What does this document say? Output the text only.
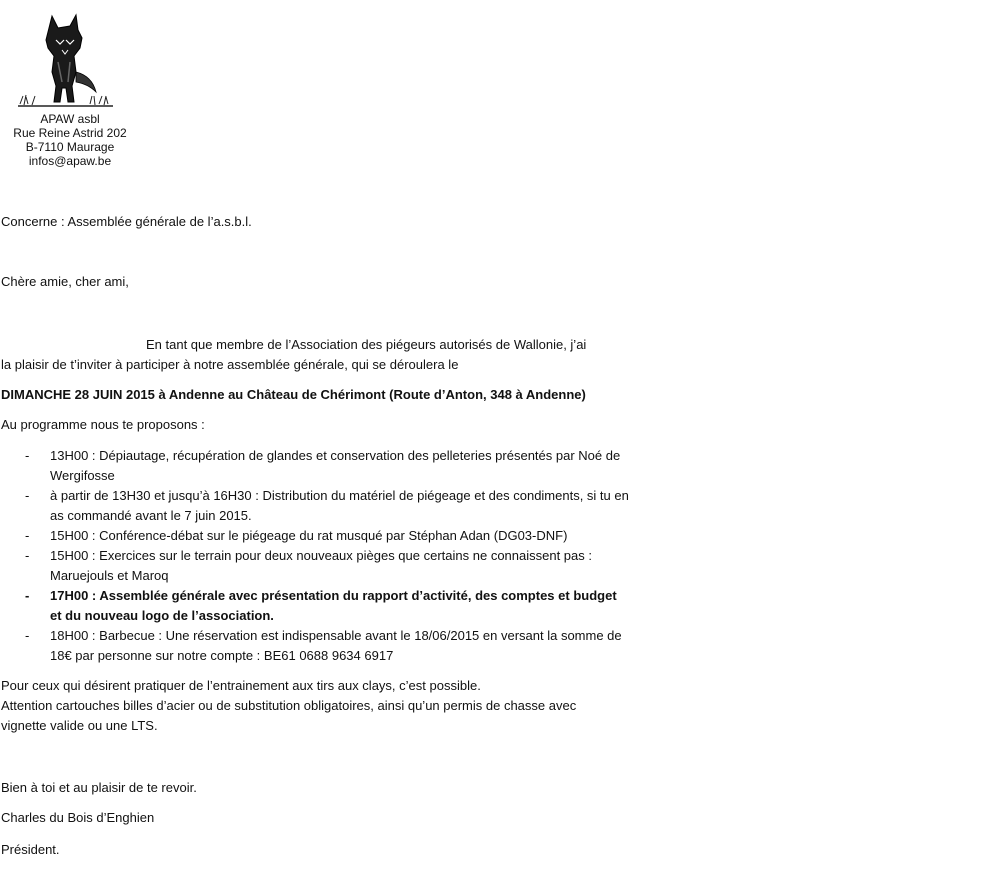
APAW asbl
Rue Reine Astrid 202
B-7110 Maurage
infos@apaw.be
Concerne : Assemblée générale de l’a.s.b.l.
Chère amie, cher ami,
En tant que membre de l’Association des piégeurs autorisés de Wallonie, j’ai
la plaisir de t’inviter à participer à notre assemblée générale, qui se déroulera le
DIMANCHE 28 JUIN 2015 à Andenne au Château de Chérimont (Route d’Anton, 348 à Andenne)
Au programme nous te proposons :
- 13H00 : Dépiautage, récupération de glandes et conservation des pelleteries présentés par Noé de Wergifosse
- à partir de 13H30 et jusqu’à 16H30 : Distribution du matériel de piégeage et des condiments, si tu en as commandé avant le 7 juin 2015.
- 15H00 : Conférence-débat sur le piégeage du rat musqué par Stéphan Adan (DG03-DNF)
- 15H00 : Exercices sur le terrain pour deux nouveaux pièges que certains ne connaissent pas : Maruejouls et Maroq
- 17H00 : Assemblée générale avec présentation du rapport d’activité, des comptes et budget et du nouveau logo de l’association.
- 18H00 : Barbecue : Une réservation est indispensable avant le 18/06/2015 en versant la somme de 18€ par personne sur notre compte : BE61 0688 9634 6917
Pour ceux qui désirent pratiquer de l’entrainement aux tirs aux clays, c’est possible.
Attention cartouches billes d’acier ou de substitution obligatoires, ainsi qu’un permis de chasse avec
vignette valide ou une LTS.
Bien à toi et au plaisir de te revoir.
Charles du Bois d’Enghien
Président.
